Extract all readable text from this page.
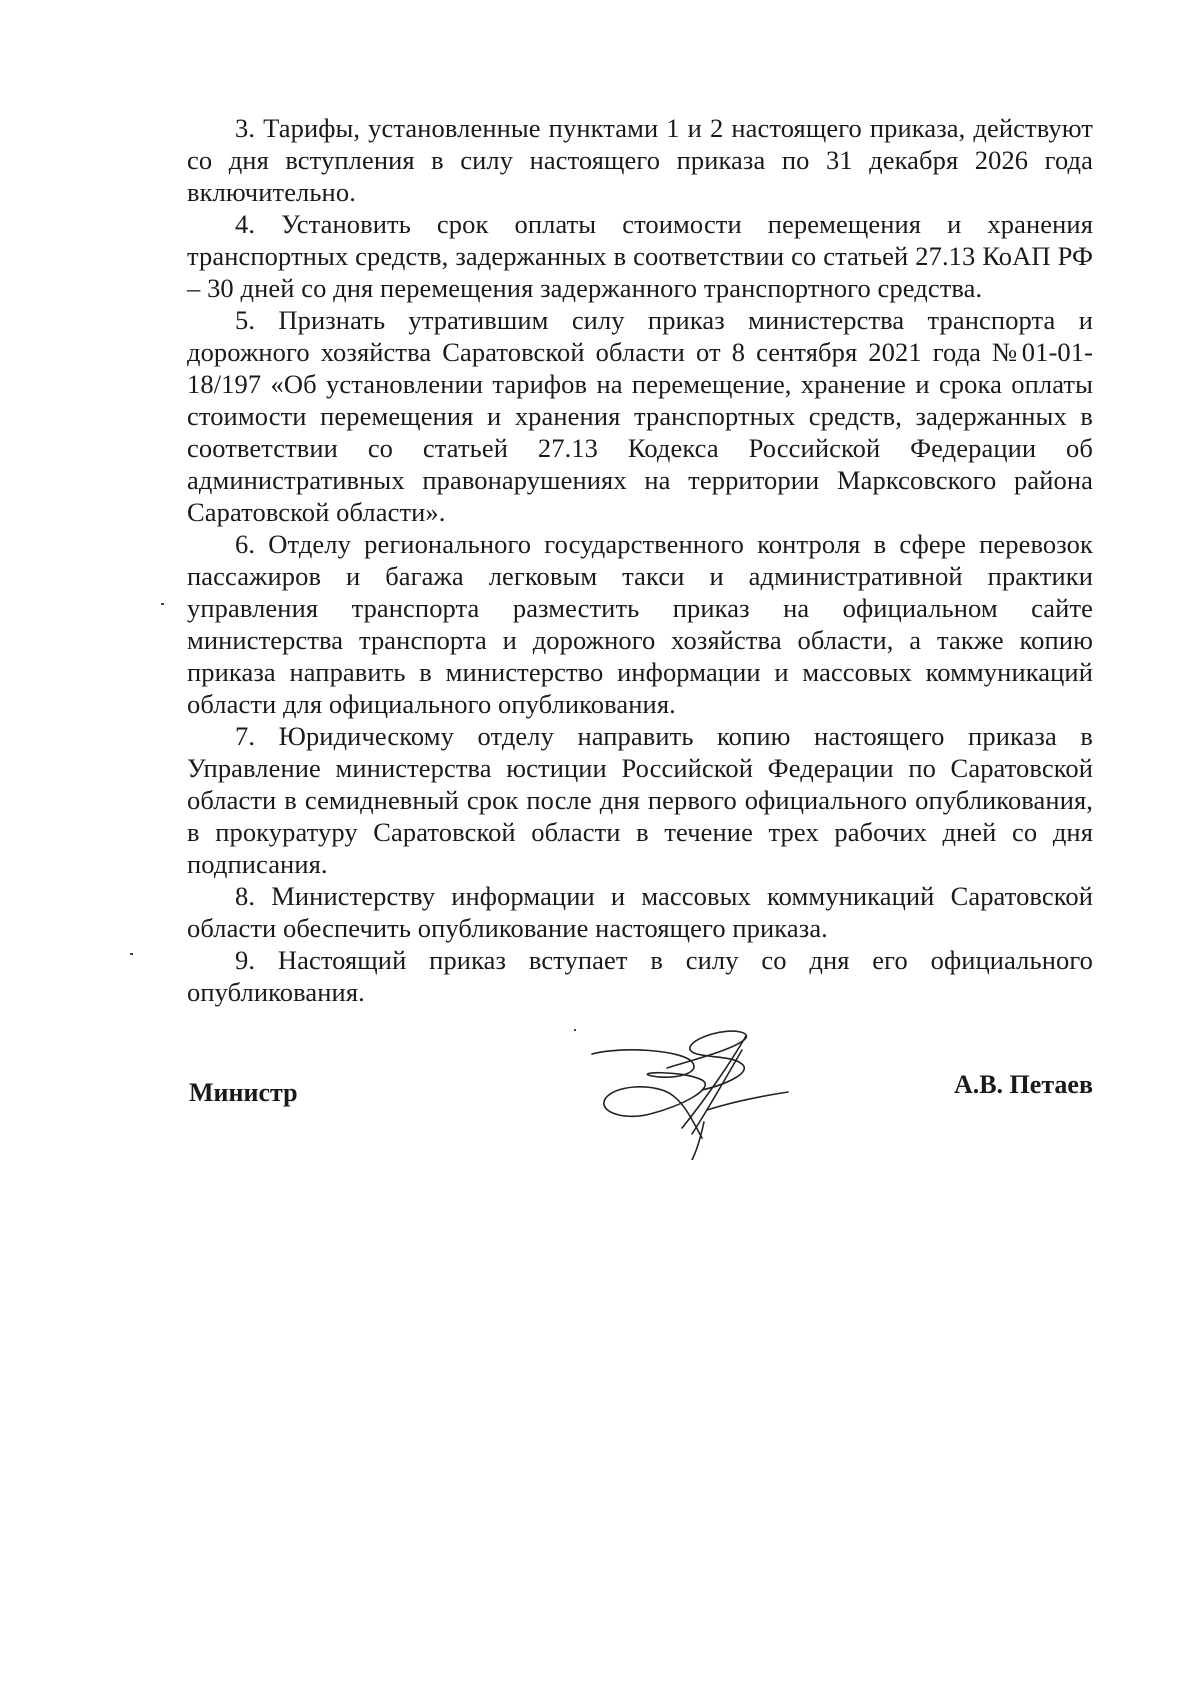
3. Тарифы, установленные пунктами 1 и 2 настоящего приказа, действуют со дня вступления в силу настоящего приказа по 31 декабря 2026 года включительно.

4. Установить срок оплаты стоимости перемещения и хранения транспортных средств, задержанных в соответствии со статьей 27.13 КоАП РФ – 30 дней со дня перемещения задержанного транспортного средства.

5. Признать утратившим силу приказ министерства транспорта и дорожного хозяйства Саратовской области от 8 сентября 2021 года №01-01-18/197 «Об установлении тарифов на перемещение, хранение и срока оплаты стоимости перемещения и хранения транспортных средств, задержанных в соответствии со статьей 27.13 Кодекса Российской Федерации об административных правонарушениях на территории Марксовского района Саратовской области».

6. Отделу регионального государственного контроля в сфере перевозок пассажиров и багажа легковым такси и административной практики управления транспорта разместить приказ на официальном сайте министерства транспорта и дорожного хозяйства области, а также копию приказа направить в министерство информации и массовых коммуникаций области для официального опубликования.

7. Юридическому отделу направить копию настоящего приказа в Управление министерства юстиции Российской Федерации по Саратовской области в семидневный срок после дня первого официального опубликования, в прокуратуру Саратовской области в течение трех рабочих дней со дня подписания.

8. Министерству информации и массовых коммуникаций Саратовской области обеспечить опубликование настоящего приказа.

9. Настоящий приказ вступает в силу со дня его официального опубликования.

Министр	А.В. Петаев
